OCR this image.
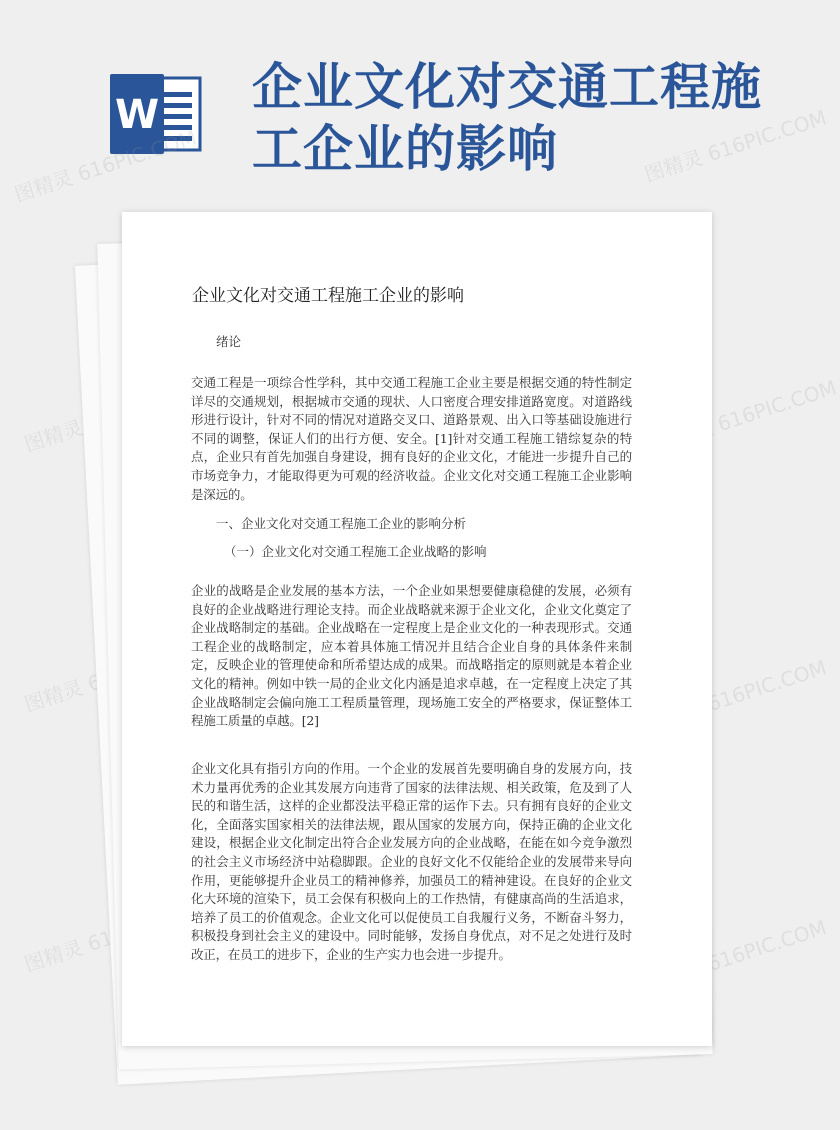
W 企业文化对交通工程施工企业的影响
图精灵 616PIC.COM	图精灵 616PIC.COM
图精灵	图精灵 616PIC.COM
图精灵	图精灵 616PIC.COM
图精灵	图精灵 616PIC.COM
企业文化对交通工程施工企业的影响

绪论

交通工程是一项综合性学科，其中交通工程施工企业主要是根据交通的特性制定详尽的交通规划，根据城市交通的现状、人口密度合理安排道路宽度。对道路线形进行设计，针对不同的情况对道路交叉口、道路景观、出入口等基础设施进行不同的调整，保证人们的出行方便、安全。[1]针对交通工程施工错综复杂的特点，企业只有首先加强自身建设，拥有良好的企业文化，才能进一步提升自己的市场竞争力，才能取得更为可观的经济收益。企业文化对交通工程施工企业影响是深远的。

一、企业文化对交通工程施工企业的影响分析
（一）企业文化对交通工程施工企业战略的影响

企业的战略是企业发展的基本方法，一个企业如果想要健康稳健的发展，必须有良好的企业战略进行理论支持。而企业战略就来源于企业文化，企业文化奠定了企业战略制定的基础。企业战略在一定程度上是企业文化的一种表现形式。交通工程企业的战略制定，应本着具体施工情况并且结合企业自身的具体条件来制定，反映企业的管理使命和所希望达成的成果。而战略指定的原则就是本着企业文化的精神。例如中铁一局的企业文化内涵是追求卓越，在一定程度上决定了其企业战略制定会偏向施工工程质量管理，现场施工安全的严格要求，保证整体工程施工质量的卓越。[2]

企业文化具有指引方向的作用。一个企业的发展首先要明确自身的发展方向，技术力量再优秀的企业其发展方向违背了国家的法律法规、相关政策，危及到了人民的和谐生活，这样的企业都没法平稳正常的运作下去。只有拥有良好的企业文化，全面落实国家相关的法律法规，跟从国家的发展方向，保持正确的企业文化建设，根据企业文化制定出符合企业发展方向的企业战略，在能在如今竞争激烈的社会主义市场经济中站稳脚跟。企业的良好文化不仅能给企业的发展带来导向作用，更能够提升企业员工的精神修养，加强员工的精神建设。在良好的企业文化大环境的渲染下，员工会保有积极向上的工作热情，有健康高尚的生活追求，培养了员工的价值观念。企业文化可以促使员工自我履行义务，不断奋斗努力，积极投身到社会主义的建设中。同时能够，发扬自身优点，对不足之处进行及时改正，在员工的进步下，企业的生产实力也会进一步提升。
